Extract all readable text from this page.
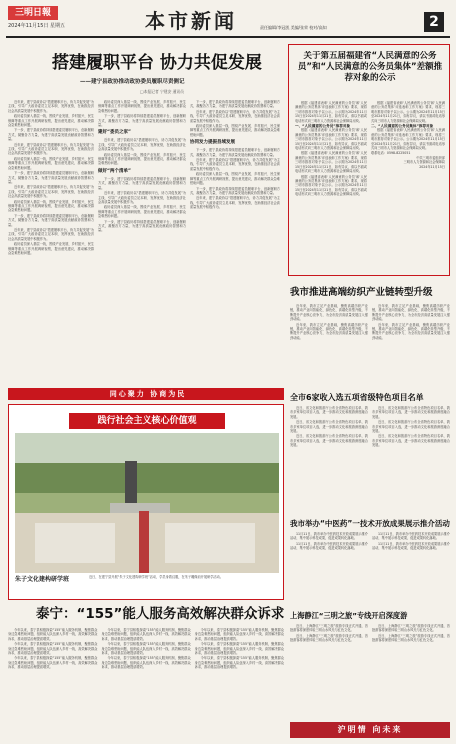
三明日報
2024年11月15日 星期五	本市新闻	责任编辑/李冠凯 美编/张荣 校对/高知	2
搭建履职平台 协力共促发展
——建宁县政协推动政协委员履职尽责侧记
□本报记者 宁建安 通讯员

近年来，建宁县政协以“搭建履职平台，协力共促发展”为主线，引导广大政协委员立足本职、发挥优势，在助推经济社会高质量发展中积极作为。

政协委员深入基层一线，围绕产业发展、乡村振兴、民生保障等重点工作开展调研视察，提出意见建议，推动解决群众急难愁盼问题。

下一步，建宁县政协将持续搭建委员履职平台，创新履职方式，凝聚各方力量，为建宁高质量发展贡献政协智慧和力量。

近年来，建宁县政协以“搭建履职平台，协力共促发展”为主线，引导广大政协委员立足本职、发挥优势，在助推经济社会高质量发展中积极作为。

政协委员深入基层一线，围绕产业发展、乡村振兴、民生保障等重点工作开展调研视察，提出意见建议，推动解决群众急难愁盼问题。

下一步，建宁县政协将持续搭建委员履职平台，创新履职方式，凝聚各方力量，为建宁高质量发展贡献政协智慧和力量。

近年来，建宁县政协以“搭建履职平台，协力共促发展”为主线，引导广大政协委员立足本职、发挥优势，在助推经济社会高质量发展中积极作为。

政协委员深入基层一线，围绕产业发展、乡村振兴、民生保障等重点工作开展调研视察，提出意见建议，推动解决群众急难愁盼问题。

下一步，建宁县政协将持续搭建委员履职平台，创新履职方式，凝聚各方力量，为建宁高质量发展贡献政协智慧和力量。

近年来，建宁县政协以“搭建履职平台，协力共促发展”为主线，引导广大政协委员立足本职、发挥优势，在助推经济社会高质量发展中积极作为。

政协委员深入基层一线，围绕产业发展、乡村振兴、民生保障等重点工作开展调研视察，提出意见建议，推动解决群众急难愁盼问题。

政协委员深入基层一线，围绕产业发展、乡村振兴、民生保障等重点工作开展调研视察，提出意见建议，推动解决群众急难愁盼问题。

下一步，建宁县政协将持续搭建委员履职平台，创新履职方式，凝聚各方力量，为建宁高质量发展贡献政协智慧和力量。

建好“委员之家”

近年来，建宁县政协以“搭建履职平台，协力共促发展”为主线，引导广大政协委员立足本职、发挥优势，在助推经济社会高质量发展中积极作为。

政协委员深入基层一线，围绕产业发展、乡村振兴、民生保障等重点工作开展调研视察，提出意见建议，推动解决群众急难愁盼问题。

做好“两个清单”

下一步，建宁县政协将持续搭建委员履职平台，创新履职方式，凝聚各方力量，为建宁高质量发展贡献政协智慧和力量。

近年来，建宁县政协以“搭建履职平台，协力共促发展”为主线，引导广大政协委员立足本职、发挥优势，在助推经济社会高质量发展中积极作为。

政协委员深入基层一线，围绕产业发展、乡村振兴、民生保障等重点工作开展调研视察，提出意见建议，推动解决群众急难愁盼问题。

下一步，建宁县政协将持续搭建委员履职平台，创新履职方式，凝聚各方力量，为建宁高质量发展贡献政协智慧和力量。

下一步，建宁县政协将持续搭建委员履职平台，创新履职方式，凝聚各方力量，为建宁高质量发展贡献政协智慧和力量。

近年来，建宁县政协以“搭建履职平台，协力共促发展”为主线，引导广大政协委员立足本职、发挥优势，在助推经济社会高质量发展中积极作为。

政协委员深入基层一线，围绕产业发展、乡村振兴、民生保障等重点工作开展调研视察，提出意见建议，推动解决群众急难愁盼问题。

协同发力提振县域发展

下一步，建宁县政协将持续搭建委员履职平台，创新履职方式，凝聚各方力量，为建宁高质量发展贡献政协智慧和力量。

近年来，建宁县政协以“搭建履职平台，协力共促发展”为主线，引导广大政协委员立足本职、发挥优势，在助推经济社会高质量发展中积极作为。

政协委员深入基层一线，围绕产业发展、乡村振兴、民生保障等重点工作开展调研视察，提出意见建议，推动解决群众急难愁盼问题。

下一步，建宁县政协将持续搭建委员履职平台，创新履职方式，凝聚各方力量，为建宁高质量发展贡献政协智慧和力量。

近年来，建宁县政协以“搭建履职平台，协力共促发展”为主线，引导广大政协委员立足本职、发挥优势，在助推经济社会高质量发展中积极作为。

关于第五届福建省“人民满意的公务员”和“人民满意的公务员集体”差额推荐对象的公示

根据《福建省表彰‘人民满意的公务员’和‘人民满意的公务员集体’评选表彰工作方案》要求，现将三明市推荐对象予以公示。公示期为2024年11月15日至2024年11月21日，如有异议，请以书面或电话形式向三明市人力资源和社会保障局反映。

一、“人民满意的公务员”推荐对象

根据《福建省表彰‘人民满意的公务员’和‘人民满意的公务员集体’评选表彰工作方案》要求，现将三明市推荐对象予以公示。公示期为2024年11月15日至2024年11月21日，如有异议，请以书面或电话形式向三明市人力资源和社会保障局反映。

根据《福建省表彰‘人民满意的公务员’和‘人民满意的公务员集体’评选表彰工作方案》要求，现将三明市推荐对象予以公示。公示期为2024年11月15日至2024年11月21日，如有异议，请以书面或电话形式向三明市人力资源和社会保障局反映。

根据《福建省表彰‘人民满意的公务员’和‘人民满意的公务员集体’评选表彰工作方案》要求，现将三明市推荐对象予以公示。公示期为2024年11月15日至2024年11月21日，如有异议，请以书面或电话形式向三明市人力资源和社会保障局反映。

根据《福建省表彰‘人民满意的公务员’和‘人民满意的公务员集体’评选表彰工作方案》要求，现将三明市推荐对象予以公示。公示期为2024年11月15日至2024年11月21日，如有异议，请以书面或电话形式向三明市人力资源和社会保障局反映。

二、“人民满意的公务员集体”推荐对象

根据《福建省表彰‘人民满意的公务员’和‘人民满意的公务员集体’评选表彰工作方案》要求，现将三明市推荐对象予以公示。公示期为2024年11月15日至2024年11月21日，如有异议，请以书面或电话形式向三明市人力资源和社会保障局反映。

联系电话：0598-8225051
中共三明市委组织部
三明市人力资源和社会保障局
2024年11月15日
我市推进高端纺织产业链转型升级

近年来，我市立足产业基础，聚焦高端纺织产业链，推动产业向智能化、绿色化、高端化转型升级，不断提升产业核心竞争力，为全市经济高质量发展注入强劲动能。

近年来，我市立足产业基础，聚焦高端纺织产业链，推动产业向智能化、绿色化、高端化转型升级，不断提升产业核心竞争力，为全市经济高质量发展注入强劲动能。

近年来，我市立足产业基础，聚焦高端纺织产业链，推动产业向智能化、绿色化、高端化转型升级，不断提升产业核心竞争力，为全市经济高质量发展注入强劲动能。

近年来，我市立足产业基础，聚焦高端纺织产业链，推动产业向智能化、绿色化、高端化转型升级，不断提升产业核心竞争力，为全市经济高质量发展注入强劲动能。

同心聚力 协商为民
践行社会主义核心价值观
朱子文化建构研学班	近日，在建宁县开展“朱子文化建构研学班”活动，学员身着汉服，在朱子雕像前开展研学活动。
全市6家收入选五项省级特色项目名单

近日，省文化和旅游厅公布全省特色项目名单，我市多家单位项目入选，进一步推动文化和旅游深度融合发展。

近日，省文化和旅游厅公布全省特色项目名单，我市多家单位项目入选，进一步推动文化和旅游深度融合发展。

近日，省文化和旅游厅公布全省特色项目名单，我市多家单位项目入选，进一步推动文化和旅游深度融合发展。

近日，省文化和旅游厅公布全省特色项目名单，我市多家单位项目入选，进一步推动文化和旅游深度融合发展。

近日，省文化和旅游厅公布全省特色项目名单，我市多家单位项目入选，进一步推动文化和旅游深度融合发展。

近日，省文化和旅游厅公布全省特色项目名单，我市多家单位项目入选，进一步推动文化和旅游深度融合发展。

我市举办“中医药”一技术开放成果展示推介活动

11月11日，我市举办中医药技术开放成果展示推介活动，集中展示科技成果，促进成果转化落地。

11月11日，我市举办中医药技术开放成果展示推介活动，集中展示科技成果，促进成果转化落地。

11月11日，我市举办中医药技术开放成果展示推介活动，集中展示科技成果，促进成果转化落地。

11月11日，我市举办中医药技术开放成果展示推介活动，集中展示科技成果，促进成果转化落地。

泰宁：“155”能人服务高效解决群众诉求

今年以来，泰宁县积极探索“155”能人服务机制，聚焦群众身边急难愁盼问题，组织能人队伍深入乡村一线，高效解决群众诉求，推动基层治理提质增效。

今年以来，泰宁县积极探索“155”能人服务机制，聚焦群众身边急难愁盼问题，组织能人队伍深入乡村一线，高效解决群众诉求，推动基层治理提质增效。

今年以来，泰宁县积极探索“155”能人服务机制，聚焦群众身边急难愁盼问题，组织能人队伍深入乡村一线，高效解决群众诉求，推动基层治理提质增效。

今年以来，泰宁县积极探索“155”能人服务机制，聚焦群众身边急难愁盼问题，组织能人队伍深入乡村一线，高效解决群众诉求，推动基层治理提质增效。

今年以来，泰宁县积极探索“155”能人服务机制，聚焦群众身边急难愁盼问题，组织能人队伍深入乡村一线，高效解决群众诉求，推动基层治理提质增效。

今年以来，泰宁县积极探索“155”能人服务机制，聚焦群众身边急难愁盼问题，组织能人队伍深入乡村一线，高效解决群众诉求，推动基层治理提质增效。

今年以来，泰宁县积极探索“155”能人服务机制，聚焦群众身边急难愁盼问题，组织能人队伍深入乡村一线，高效解决群众诉求，推动基层治理提质增效。

今年以来，泰宁县积极探索“155”能人服务机制，聚焦群众身边急难愁盼问题，组织能人队伍深入乡村一线，高效解决群众诉求，推动基层治理提质增效。

今年以来，泰宁县积极探索“155”能人服务机制，聚焦群众身边急难愁盼问题，组织能人队伍深入乡村一线，高效解决群众诉求，推动基层治理提质增效。

上海静江“三明之旅”专线开启深度游

近日，上海静江“三明之旅”旅游专线正式开通，首批游客将深度体验三明山水风光与红色文化。

近日，上海静江“三明之旅”旅游专线正式开通，首批游客将深度体验三明山水风光与红色文化。

近日，上海静江“三明之旅”旅游专线正式开通，首批游客将深度体验三明山水风光与红色文化。

近日，上海静江“三明之旅”旅游专线正式开通，首批游客将深度体验三明山水风光与红色文化。

沪明情 向未来
